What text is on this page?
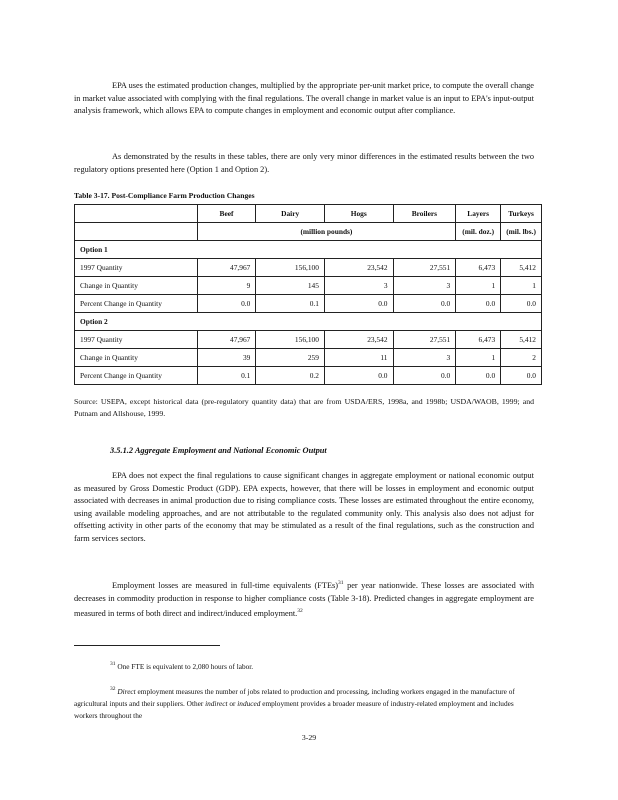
EPA uses the estimated production changes, multiplied by the appropriate per-unit market price, to compute the overall change in market value associated with complying with the final regulations. The overall change in market value is an input to EPA's input-output analysis framework, which allows EPA to compute changes in employment and economic output after compliance.

As demonstrated by the results in these tables, there are only very minor differences in the estimated results between the two regulatory options presented here (Option 1 and Option 2).

Table 3-17. Post-Compliance Farm Production Changes
	Beef	Dairy	Hogs	Broilers	Layers	Turkeys
	(million pounds)				(mil. doz.)	(mil. lbs.)
Option 1						
1997 Quantity	47,967	156,100	23,542	27,551	6,473	5,412
Change in Quantity	9	145	3	3	1	1
Percent Change in Quantity	0.0	0.1	0.0	0.0	0.0	0.0
Option 2						
1997 Quantity	47,967	156,100	23,542	27,551	6,473	5,412
Change in Quantity	39	259	11	3	1	2
Percent Change in Quantity	0.1	0.2	0.0	0.0	0.0	0.0
Source: USEPA, except historical data (pre-regulatory quantity data) that are from USDA/ERS, 1998a, and 1998b; USDA/WAOB, 1999; and Putnam and Allshouse, 1999.
3.5.1.2 Aggregate Employment and National Economic Output

EPA does not expect the final regulations to cause significant changes in aggregate employment or national economic output as measured by Gross Domestic Product (GDP). EPA expects, however, that there will be losses in employment and economic output associated with decreases in animal production due to rising compliance costs. These losses are estimated throughout the entire economy, using available modeling approaches, and are not attributable to the regulated community only. This analysis also does not adjust for offsetting activity in other parts of the economy that may be stimulated as a result of the final regulations, such as the construction and farm services sectors.

Employment losses are measured in full-time equivalents (FTEs)$^{31}$ per year nationwide. These losses are associated with decreases in commodity production in response to higher compliance costs (Table 3-18). Predicted changes in aggregate employment are measured in terms of both direct and indirect/induced employment.$^{32}$

$^{31}$ One FTE is equivalent to 2,080 hours of labor.

$^{32}$ Direct employment measures the number of jobs related to production and processing, including workers engaged in the manufacture of agricultural inputs and their suppliers. Other indirect or induced employment provides a broader measure of industry-related employment and includes workers throughout the

3-29
